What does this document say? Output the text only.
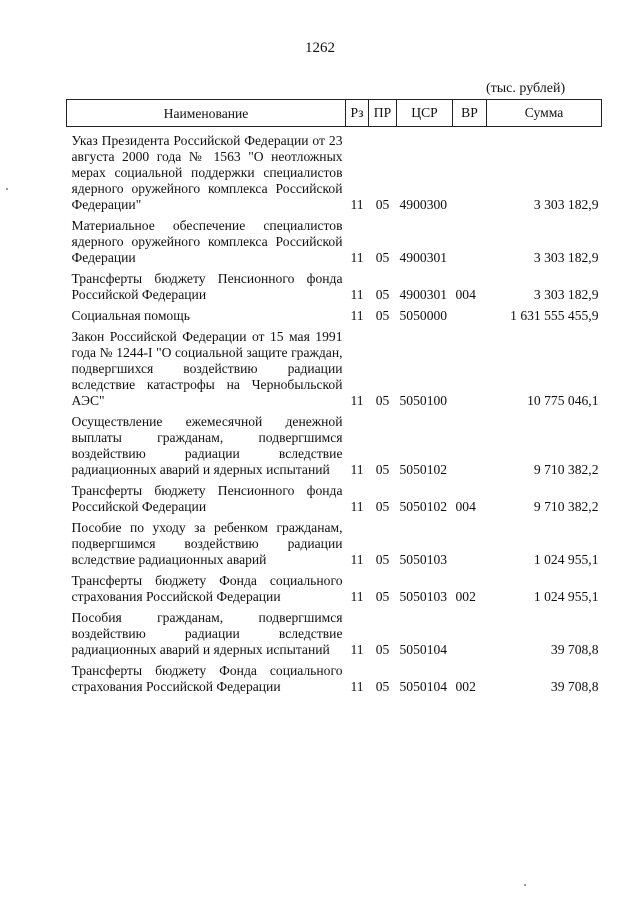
1262
(тыс. рублей)
Наименование	Рз	ПР	ЦСР	ВР	Сумма
Указ Президента Российской Федерации от 23 августа 2000 года № 1563 "О неотложных мерах социальной поддержки специалистов ядерного оружейного комплекса Российской Федерации"	11	05	4900300		3 303 182,9
Материальное обеспечение специалистов ядерного оружейного комплекса Российской Федерации	11	05	4900301		3 303 182,9
Трансферты бюджету Пенсионного фонда Российской Федерации	11	05	4900301	004	3 303 182,9
Социальная помощь	11	05	5050000		1 631 555 455,9
Закон Российской Федерации от 15 мая 1991 года № 1244-I "О социальной защите граждан, подвергшихся воздействию радиации вследствие катастрофы на Чернобыльской АЭС"	11	05	5050100		10 775 046,1
Осуществление ежемесячной денежной выплаты гражданам, подвергшимся воздействию радиации вследствие радиационных аварий и ядерных испытаний	11	05	5050102		9 710 382,2
Трансферты бюджету Пенсионного фонда Российской Федерации	11	05	5050102	004	9 710 382,2
Пособие по уходу за ребенком гражданам, подвергшимся воздействию радиации вследствие радиационных аварий	11	05	5050103		1 024 955,1
Трансферты бюджету Фонда социального страхования Российской Федерации	11	05	5050103	002	1 024 955,1
Пособия гражданам, подвергшимся воздействию радиации вследствие радиационных аварий и ядерных испытаний	11	05	5050104		39 708,8
Трансферты бюджету Фонда социального страхования Российской Федерации	11	05	5050104	002	39 708,8
